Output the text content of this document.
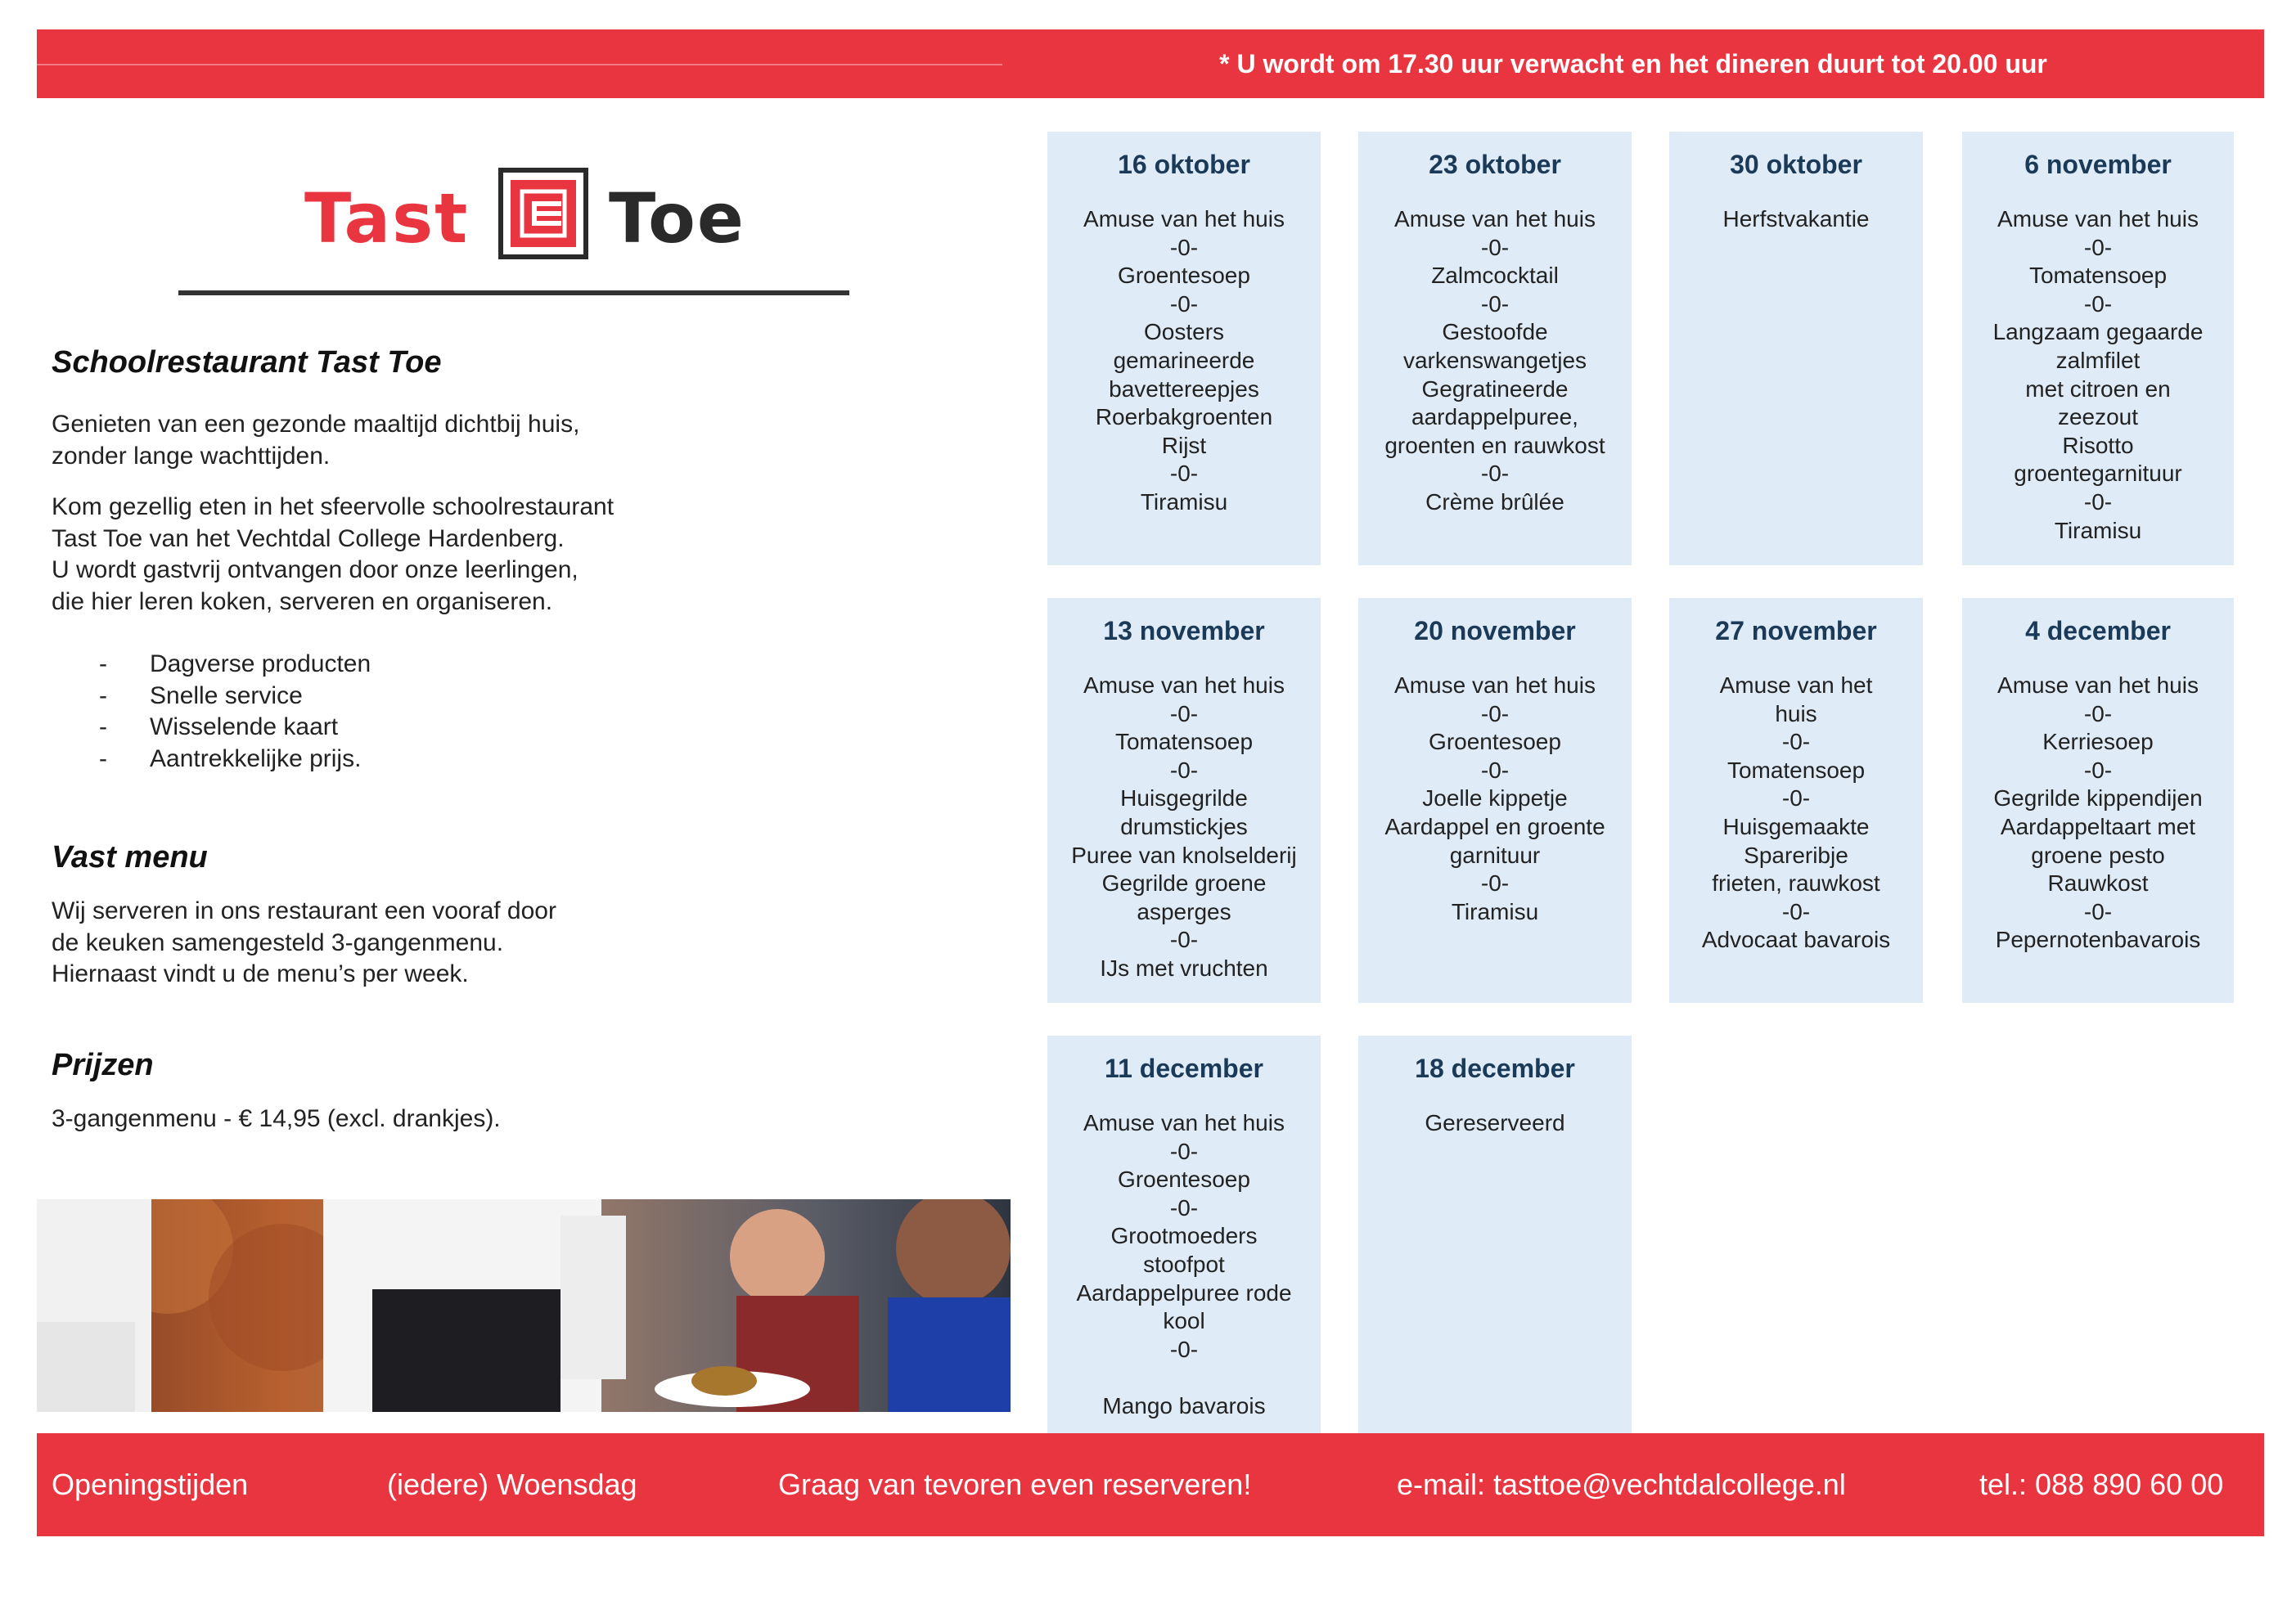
* U wordt om 17.30 uur verwacht en het dineren duurt tot 20.00 uur
Tast Toe
Schoolrestaurant Tast Toe

Genieten van een gezonde maaltijd dichtbij huis,
zonder lange wachttijden.

Kom gezellig eten in het sfeervolle schoolrestaurant
Tast Toe van het Vechtdal College Hardenberg.
U wordt gastvrij ontvangen door onze leerlingen,
die hier leren koken, serveren en organiseren.

- Dagverse producten
- Snelle service
- Wisselende kaart
- Aantrekkelijke prijs.
Vast menu

Wij serveren in ons restaurant een vooraf door
de keuken samengesteld 3-gangenmenu.
Hiernaast vindt u de menu’s per week.

Prijzen

3-gangenmenu - € 14,95 (excl. drankjes).

16 oktober
Amuse van het huis
-0-
Groentesoep
-0-
Oosters
gemarineerde
bavettereepjes
Roerbakgroenten
Rijst
-0-
Tiramisu
23 oktober
Amuse van het huis
-0-
Zalmcocktail
-0-
Gestoofde
varkenswangetjes
Gegratineerde
aardappelpuree,
groenten en rauwkost
-0-
Crème brûlée
30 oktober
Herfstvakantie
6 november
Amuse van het huis
-0-
Tomatensoep
-0-
Langzaam gegaarde
zalmfilet
met citroen en
zeezout
Risotto
groentegarnituur
-0-
Tiramisu
13 november
Amuse van het huis
-0-
Tomatensoep
-0-
Huisgegrilde
drumstickjes
Puree van knolselderij
Gegrilde groene
asperges
-0-
IJs met vruchten
20 november
Amuse van het huis
-0-
Groentesoep
-0-
Joelle kippetje
Aardappel en groente
garnituur
-0-
Tiramisu
27 november
Amuse van het
huis
-0-
Tomatensoep
-0-
Huisgemaakte
Spareribje
frieten, rauwkost
-0-
Advocaat bavarois
4 december
Amuse van het huis
-0-
Kerriesoep
-0-
Gegrilde kippendijen
Aardappeltaart met
groene pesto
Rauwkost
-0-
Pepernotenbavarois
11 december
Amuse van het huis
-0-
Groentesoep
-0-
Grootmoeders
stoofpot
Aardappelpuree rode
kool
-0-
Mango bavarois
18 december
Gereserveerd
Openingstijden	(iedere) Woensdag	Graag van tevoren even reserveren!	e-mail: tasttoe@vechtdalcollege.nl	tel.: 088 890 60 00
